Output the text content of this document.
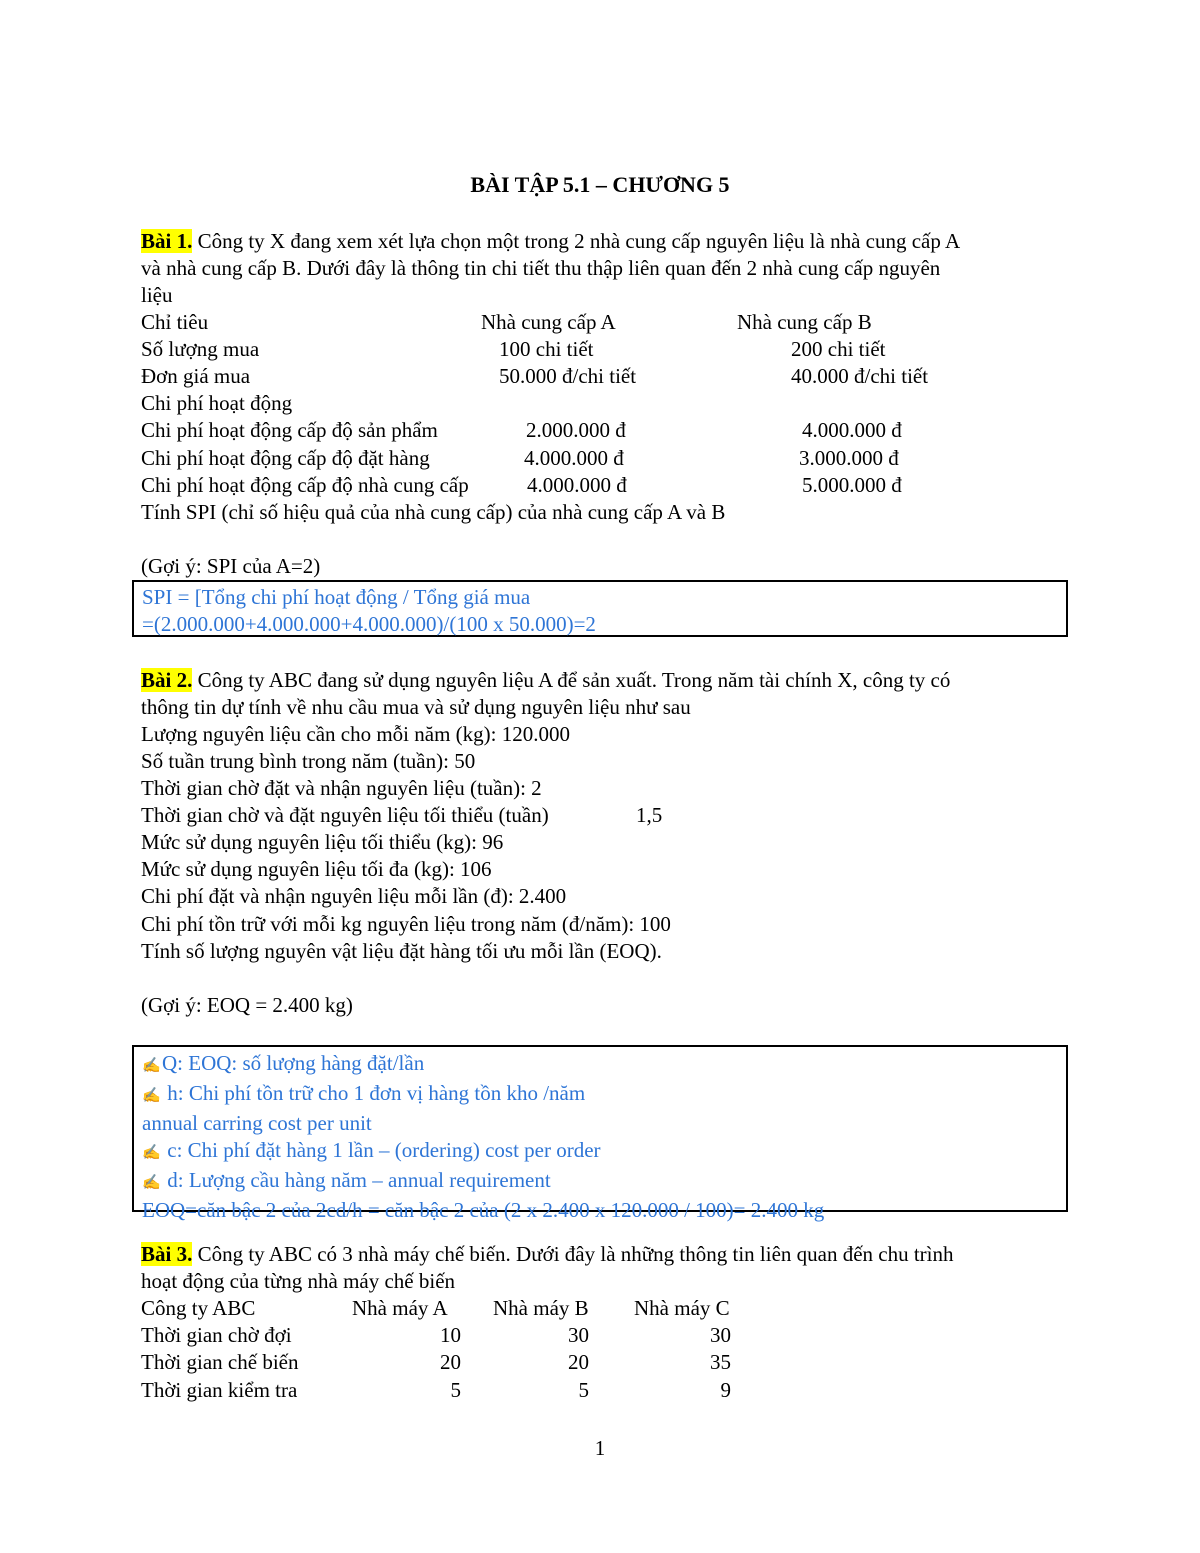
BÀI TẬP 5.1 – CHƯƠNG 5
Bài 1. Công ty X đang xem xét lựa chọn một trong 2 nhà cung cấp nguyên liệu là nhà cung cấp A
và nhà cung cấp B. Dưới đây là thông tin chi tiết thu thập liên quan đến 2 nhà cung cấp nguyên
liệu
Chỉ tiêu	Nhà cung cấp A	Nhà cung cấp B
Số lượng mua	100 chi tiết	200 chi tiết
Đơn giá mua	50.000 đ/chi tiết	40.000 đ/chi tiết
Chi phí hoạt động
Chi phí hoạt động cấp độ sản phẩm	2.000.000 đ	4.000.000 đ
Chi phí hoạt động cấp độ đặt hàng	4.000.000 đ	3.000.000 đ
Chi phí hoạt động cấp độ nhà cung cấp	4.000.000 đ	5.000.000 đ
Tính SPI (chỉ số hiệu quả của nhà cung cấp) của nhà cung cấp A và B
(Gợi ý: SPI của A=2)
SPI = [Tổng chi phí hoạt động / Tổng giá mua
=(2.000.000+4.000.000+4.000.000)/(100 x 50.000)=2
Bài 2. Công ty ABC đang sử dụng nguyên liệu A để sản xuất. Trong năm tài chính X, công ty có
thông tin dự tính về nhu cầu mua và sử dụng nguyên liệu như sau
Lượng nguyên liệu cần cho mỗi năm (kg): 120.000
Số tuần trung bình trong năm (tuần): 50
Thời gian chờ đặt và nhận nguyên liệu (tuần): 2
Thời gian chờ và đặt nguyên liệu tối thiểu (tuần)	1,5
Mức sử dụng nguyên liệu tối thiểu (kg): 96
Mức sử dụng nguyên liệu tối đa (kg): 106
Chi phí đặt và nhận nguyên liệu mỗi lần (đ): 2.400
Chi phí tồn trữ với mỗi kg nguyên liệu trong năm (đ/năm): 100
Tính số lượng nguyên vật liệu đặt hàng tối ưu mỗi lần (EOQ).
(Gợi ý: EOQ = 2.400 kg)
✍Q: EOQ: số lượng hàng đặt/lần
✍ h: Chi phí tồn trữ cho 1 đơn vị hàng tồn kho /năm
annual carring cost per unit
✍ c: Chi phí đặt hàng 1 lần – (ordering) cost per order
✍ d: Lượng cầu hàng năm – annual requirement
EOQ=căn bậc 2 của 2cd/h = căn bậc 2 của (2 x 2.400 x 120.000 / 100)= 2.400 kg
Bài 3. Công ty ABC có 3 nhà máy chế biến. Dưới đây là những thông tin liên quan đến chu trình
hoạt động của từng nhà máy chế biến
Công ty ABC	Nhà máy A Nhà máy B Nhà máy C
Thời gian chờ đợi	10	30	30
Thời gian chế biến	20	20	35
Thời gian kiểm tra	5	5	9
1
